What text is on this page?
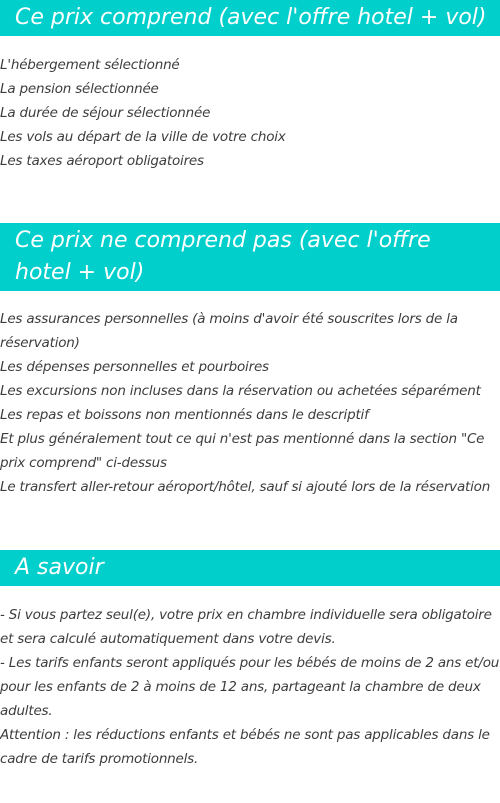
Ce prix comprend (avec l'offre hotel + vol)
L'hébergement sélectionné
La pension sélectionnée
La durée de séjour sélectionnée
Les vols au départ de la ville de votre choix
Les taxes aéroport obligatoires
Ce prix ne comprend pas (avec l'offre hotel + vol)
Les assurances personnelles (à moins d'avoir été souscrites lors de la réservation)
Les dépenses personnelles et pourboires
Les excursions non incluses dans la réservation ou achetées séparément
Les repas et boissons non mentionnés dans le descriptif
Et plus généralement tout ce qui n'est pas mentionné dans la section "Ce prix comprend" ci-dessus
Le transfert aller-retour aéroport/hôtel, sauf si ajouté lors de la réservation
A savoir
- Si vous partez seul(e), votre prix en chambre individuelle sera obligatoire et sera calculé automatiquement dans votre devis.
- Les tarifs enfants seront appliqués pour les bébés de moins de 2 ans et/ou pour les enfants de 2 à moins de 12 ans, partageant la chambre de deux adultes.
Attention : les réductions enfants et bébés ne sont pas applicables dans le cadre de tarifs promotionnels.
